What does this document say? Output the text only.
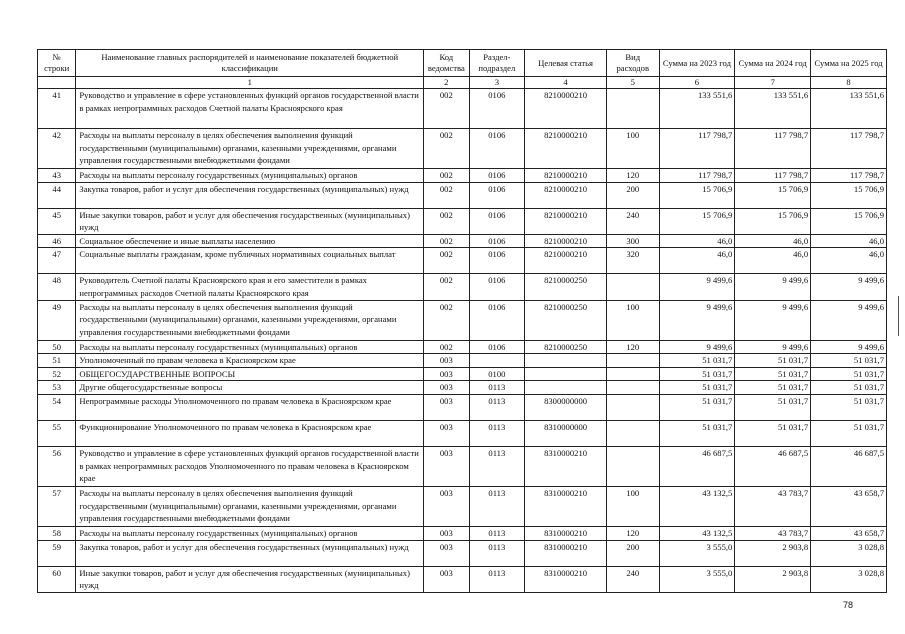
№ строки	Наименование главных распорядителей и наименование показателей бюджетной классификации	Код ведомства	Раздел-подраздел	Целевая статья	Вид расходов	Сумма на 2023 год	Сумма на 2024 год	Сумма на 2025 год
	1	2	3	4	5	6	7	8
41	Руководство и управление в сфере установленных функций органов государственной власти в рамках непрограммных расходов Счетной палаты Красноярского края	002	0106	8210000210		133 551,6	133 551,6	133 551,6
42	Расходы на выплаты персоналу в целях обеспечения выполнения функций государственными (муниципальными) органами, казенными учреждениями, органами управления государственными внебюджетными фондами	002	0106	8210000210	100	117 798,7	117 798,7	117 798,7
43	Расходы на выплаты персоналу государственных (муниципальных) органов	002	0106	8210000210	120	117 798,7	117 798,7	117 798,7
44	Закупка товаров, работ и услуг для обеспечения государственных (муниципальных) нужд	002	0106	8210000210	200	15 706,9	15 706,9	15 706,9
45	Иные закупки товаров, работ и услуг для обеспечения государственных (муниципальных) нужд	002	0106	8210000210	240	15 706,9	15 706,9	15 706,9
46	Социальное обеспечение и иные выплаты населению	002	0106	8210000210	300	46,0	46,0	46,0
47	Социальные выплаты гражданам, кроме публичных нормативных социальных выплат	002	0106	8210000210	320	46,0	46,0	46,0
48	Руководитель Счетной палаты Красноярского края и его заместители в рамках непрограммных расходов Счетной палаты Красноярского края	002	0106	8210000250		9 499,6	9 499,6	9 499,6
49	Расходы на выплаты персоналу в целях обеспечения выполнения функций государственными (муниципальными) органами, казенными учреждениями, органами управления государственными внебюджетными фондами	002	0106	8210000250	100	9 499,6	9 499,6	9 499,6
50	Расходы на выплаты персоналу государственных (муниципальных) органов	002	0106	8210000250	120	9 499,6	9 499,6	9 499,6
51	Уполномоченный по правам человека в Красноярском крае	003				51 031,7	51 031,7	51 031,7
52	ОБЩЕГОСУДАРСТВЕННЫЕ ВОПРОСЫ	003	0100			51 031,7	51 031,7	51 031,7
53	Другие общегосударственные вопросы	003	0113			51 031,7	51 031,7	51 031,7
54	Непрограммные расходы Уполномоченного по правам человека в Красноярском крае	003	0113	8300000000		51 031,7	51 031,7	51 031,7
55	Функционирование Уполномоченного по правам человека в Красноярском крае	003	0113	8310000000		51 031,7	51 031,7	51 031,7
56	Руководство и управление в сфере установленных функций органов государственной власти в рамках непрограммных расходов Уполномоченного по правам человека в Красноярском крае	003	0113	8310000210		46 687,5	46 687,5	46 687,5
57	Расходы на выплаты персоналу в целях обеспечения выполнения функций государственными (муниципальными) органами, казенными учреждениями, органами управления государственными внебюджетными фондами	003	0113	8310000210	100	43 132,5	43 783,7	43 658,7
58	Расходы на выплаты персоналу государственных (муниципальных) органов	003	0113	8310000210	120	43 132,5	43 783,7	43 658,7
59	Закупка товаров, работ и услуг для обеспечения государственных (муниципальных) нужд	003	0113	8310000210	200	3 555,0	2 903,8	3 028,8
60	Иные закупки товаров, работ и услуг для обеспечения государственных (муниципальных) нужд	003	0113	8310000210	240	3 555,0	2 903,8	3 028,8
78
